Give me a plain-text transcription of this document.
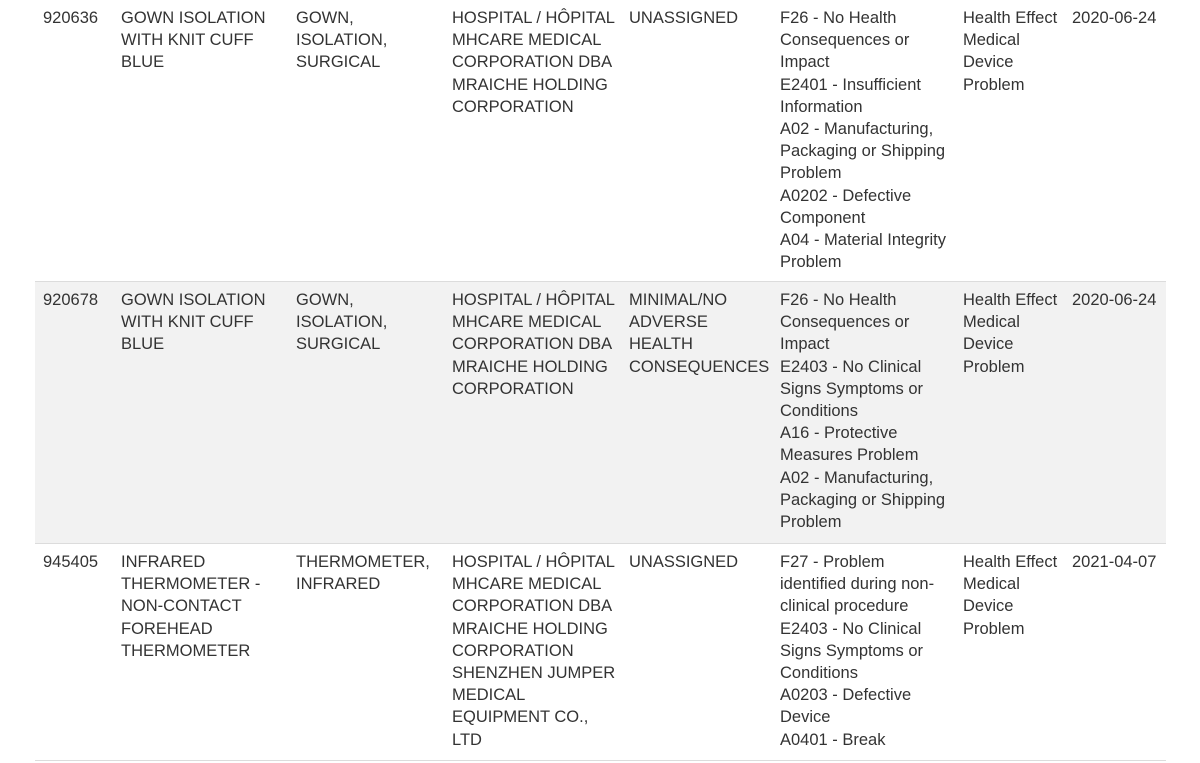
920636 GOWN ISOLATION
WITH KNIT CUFF
BLUE
GOWN,
ISOLATION,
SURGICAL
HOSPITAL / HÔPITAL
MHCARE MEDICAL
CORPORATION DBA
MRAICHE HOLDING
CORPORATION
UNASSIGNED	F26 - No Health
Consequences or
Impact
E2401 - Insufficient
Information
A02 - Manufacturing,
Packaging or Shipping
Problem
A0202 - Defective
Component
A04 - Material Integrity
Problem
Health Effect
Medical
Device
Problem
2020-06-24
920678 GOWN ISOLATION
WITH KNIT CUFF
BLUE
GOWN,
ISOLATION,
SURGICAL
HOSPITAL / HÔPITAL
MHCARE MEDICAL
CORPORATION DBA
MRAICHE HOLDING
CORPORATION
MINIMAL/NO
ADVERSE
HEALTH
CONSEQUENCES
F26 - No Health
Consequences or
Impact
E2403 - No Clinical
Signs Symptoms or
Conditions
A16 - Protective
Measures Problem
A02 - Manufacturing,
Packaging or Shipping
Problem
Health Effect
Medical
Device
Problem
2020-06-24
945405 INFRARED
THERMOMETER -
NON-CONTACT
FOREHEAD
THERMOMETER
THERMOMETER,
INFRARED
HOSPITAL / HÔPITAL
MHCARE MEDICAL
CORPORATION DBA
MRAICHE HOLDING
CORPORATION
SHENZHEN JUMPER
MEDICAL
EQUIPMENT CO.,
LTD
UNASSIGNED	F27 - Problem
identified during non-
clinical procedure
E2403 - No Clinical
Signs Symptoms or
Conditions
A0203 - Defective
Device
A0401 - Break
Health Effect
Medical
Device
Problem
2021-04-07
